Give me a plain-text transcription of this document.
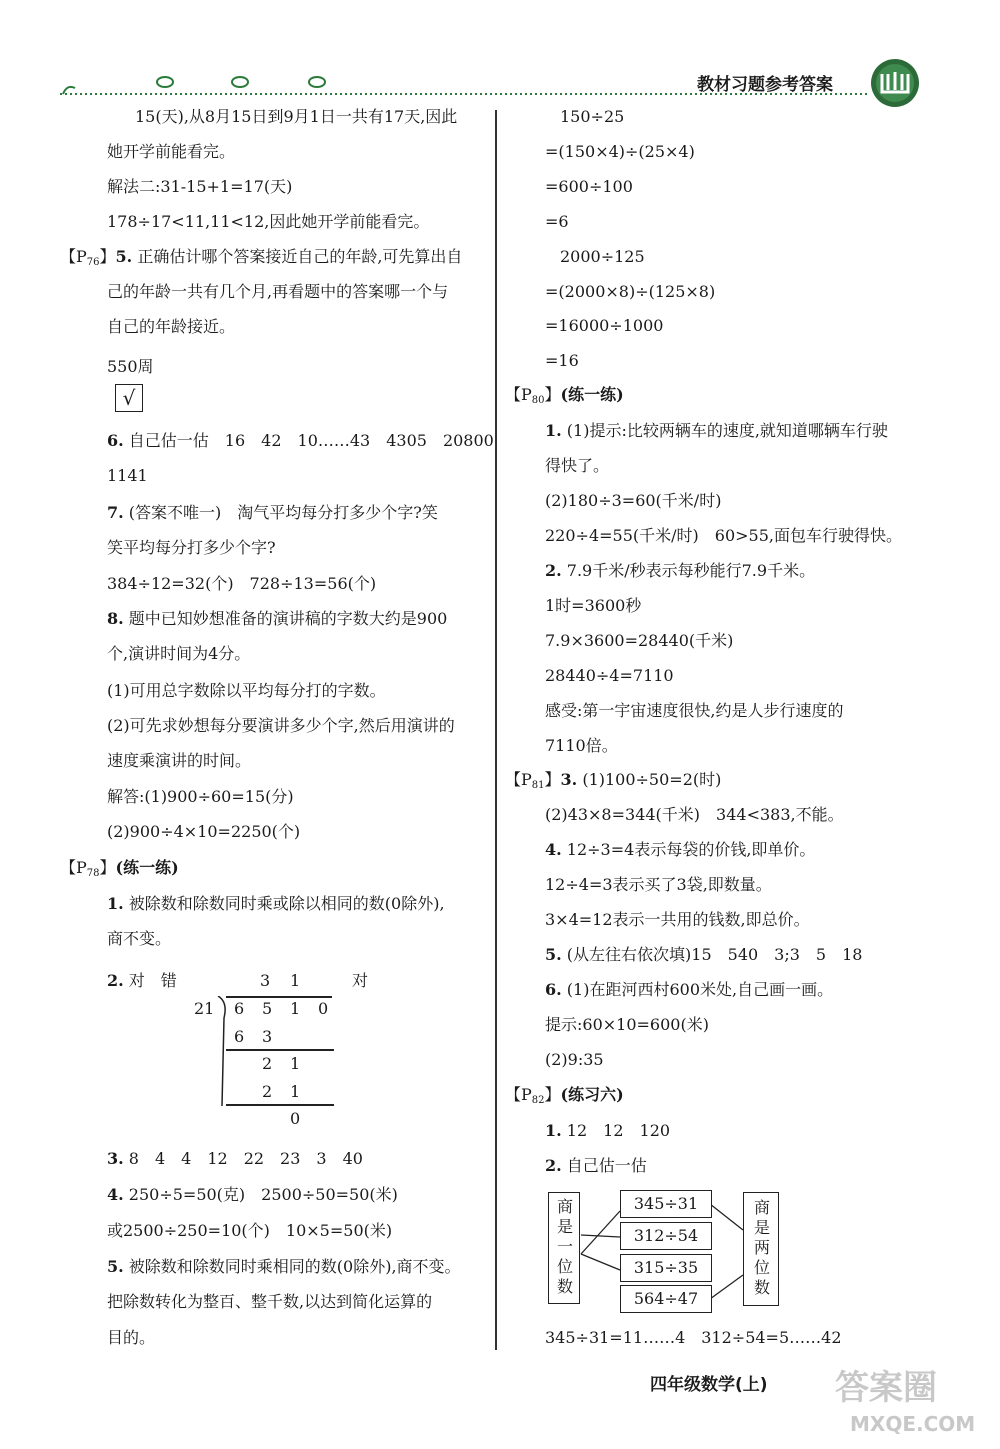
教材习题参考答案
15(天),从8月15日到9月1日一共有17天,因此
她开学前能看完。
解法二:31-15+1=17(天)
178÷17<11,11<12,因此她开学前能看完。
【$P_{76}$】5. 正确估计哪个答案接近自己的年龄,可先算出自
己的年龄一共有几个月,再看题中的答案哪一个与
自己的年龄接近。
550周
√
6. 自己估一估　16　42　10……43　4305　20800
1141
7. (答案不唯一)　淘气平均每分打多少个字?笑
笑平均每分打多少个字?
384÷12=32(个)　728÷13=56(个)
8. 题中已知妙想准备的演讲稿的字数大约是900
个,演讲时间为4分。
(1)可用总字数除以平均每分打的字数。
(2)可先求妙想每分要演讲多少个字,然后用演讲的
速度乘演讲的时间。
解答:(1)900÷60=15(分)
(2)900÷4×10=2250(个)
【$P_{78}$】(练一练)
1. 被除数和除数同时乘或除以相同的数(0除外),
商不变。
2. 对　错	对
3 1
21 6 5 1 0
6 3
2 1
2 1
0
3. 8　4　4　12　22　23　3　40
4. 250÷5=50(克)　2500÷50=50(米)
或2500÷250=10(个)　10×5=50(米)
5. 被除数和除数同时乘相同的数(0除外),商不变。
把除数转化为整百、整千数,以达到简化运算的
目的。
150÷25
=(150×4)÷(25×4)
=600÷100
=6
2000÷125
=(2000×8)÷(125×8)
=16000÷1000
=16
【$P_{80}$】(练一练)
1. (1)提示:比较两辆车的速度,就知道哪辆车行驶
得快了。
(2)180÷3=60(千米/时)
220÷4=55(千米/时)　60>55,面包车行驶得快。
2. 7.9千米/秒表示每秒能行7.9千米。
1时=3600秒
7.9×3600=28440(千米)
28440÷4=7110
感受:第一宇宙速度很快,约是人步行速度的
7110倍。
【$P_{81}$】3. (1)100÷50=2(时)
(2)43×8=344(千米)　344<383,不能。
4. 12÷3=4表示每袋的价钱,即单价。
12÷4=3表示买了3袋,即数量。
3×4=12表示一共用的钱数,即总价。
5. (从左往右依次填)15　540　3;3　5　18
6. (1)在距河西村600米处,自己画一画。
提示:60×10=600(米)
(2)9:35
【$P_{82}$】(练习六)
1. 12　12　120
2. 自己估一估
商是一位数	商是两位数
345÷31
312÷54
315÷35
564÷47
345÷31=11……4　312÷54=5……42
四年级数学(上) 答案圈
MXQE.COM
